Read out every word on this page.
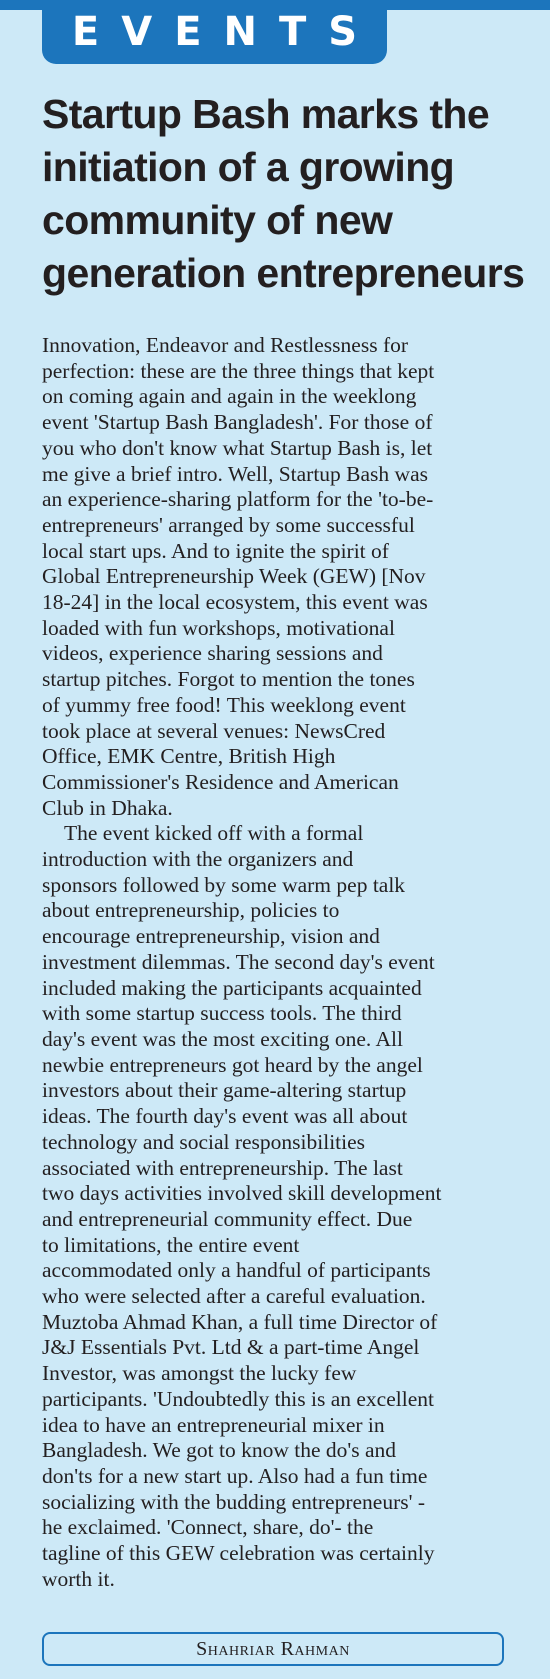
EVENTS
Startup Bash marks the initiation of a growing community of new generation entrepreneurs

Innovation, Endeavor and Restlessness for
perfection: these are the three things that kept
on coming again and again in the weeklong
event 'Startup Bash Bangladesh'. For those of
you who don't know what Startup Bash is, let
me give a brief intro. Well, Startup Bash was
an experience-sharing platform for the 'to-be-
entrepreneurs' arranged by some successful
local start ups. And to ignite the spirit of
Global Entrepreneurship Week (GEW) [Nov
18-24] in the local ecosystem, this event was
loaded with fun workshops, motivational
videos, experience sharing sessions and
startup pitches. Forgot to mention the tones
of yummy free food! This weeklong event
took place at several venues: NewsCred
Office, EMK Centre, British High
Commissioner's Residence and American
Club in Dhaka.

The event kicked off with a formal
introduction with the organizers and
sponsors followed by some warm pep talk
about entrepreneurship, policies to
encourage entrepreneurship, vision and
investment dilemmas. The second day's event
included making the participants acquainted
with some startup success tools. The third
day's event was the most exciting one. All
newbie entrepreneurs got heard by the angel
investors about their game-altering startup
ideas. The fourth day's event was all about
technology and social responsibilities
associated with entrepreneurship. The last
two days activities involved skill development
and entrepreneurial community effect. Due
to limitations, the entire event
accommodated only a handful of participants
who were selected after a careful evaluation.
Muztoba Ahmad Khan, a full time Director of
J&J Essentials Pvt. Ltd & a part-time Angel
Investor, was amongst the lucky few
participants. 'Undoubtedly this is an excellent
idea to have an entrepreneurial mixer in
Bangladesh. We got to know the do's and
don'ts for a new start up. Also had a fun time
socializing with the budding entrepreneurs' -
he exclaimed. 'Connect, share, do'- the
tagline of this GEW celebration was certainly
worth it.

Shahriar Rahman
